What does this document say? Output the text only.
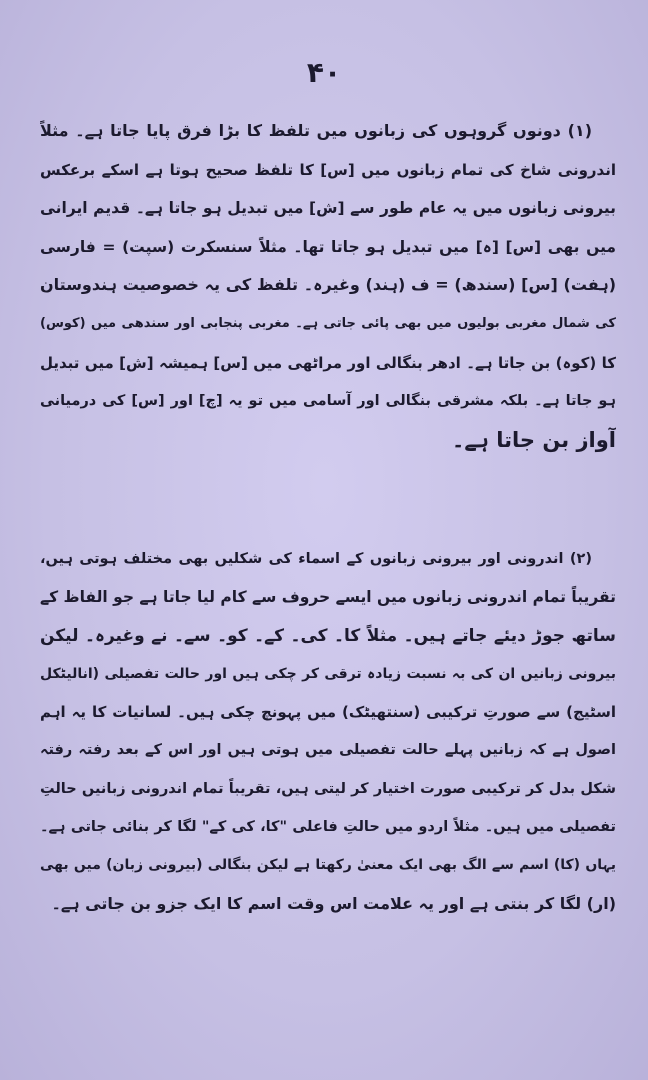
۴۰
(۱) دونوں گروہوں کی زبانوں میں تلفظ کا بڑا فرق پایا جاتا ہے۔ مثلاً
اندرونی شاخ کی تمام زبانوں میں [س] کا تلفظ صحیح ہوتا ہے اسکے برعکس
بیرونی زبانوں میں یہ عام طور سے [ش] میں تبدیل ہو جاتا ہے۔ قدیم ایرانی
میں بھی [س] [ہ] میں تبدیل ہو جاتا تھا۔ مثلاً سنسکرت (سپت) = فارسی
(ہفت) [س] (سندھ) = ف (ہند) وغیرہ۔ تلفظ کی یہ خصوصیت ہندوستان
کی شمال مغربی بولیوں میں بھی پائی جاتی ہے۔ مغربی پنجابی اور سندھی میں (کوس)
کا (کوہ) بن جاتا ہے۔ ادھر بنگالی اور مراٹھی میں [س] ہمیشہ [ش] میں تبدیل
ہو جاتا ہے۔ بلکہ مشرقی بنگالی اور آسامی میں تو یہ [چ] اور [س] کی درمیانی
آواز بن جاتا ہے۔
(۲) اندرونی اور بیرونی زبانوں کے اسماء کی شکلیں بھی مختلف ہوتی ہیں،
تقریباً تمام اندرونی زبانوں میں ایسے حروف سے کام لیا جاتا ہے جو الفاظ کے
ساتھ جوڑ دیئے جاتے ہیں۔ مثلاً کا۔ کی۔ کے۔ کو۔ سے۔ نے وغیرہ۔ لیکن
بیرونی زبانیں ان کی بہ نسبت زیادہ ترقی کر چکی ہیں اور حالت تفصیلی (اناليٹکل
اسٹیج) سے صورتِ ترکیبی (سنتھیٹک) میں پہونچ چکی ہیں۔ لسانیات کا یہ اہم
اصول ہے کہ زبانیں پہلے حالت تفصیلی میں ہوتی ہیں اور اس کے بعد رفتہ رفتہ
شکل بدل کر ترکیبی صورت اختیار کر لیتی ہیں، تقریباً تمام اندرونی زبانیں حالتِ
تفصیلی میں ہیں۔ مثلاً اردو میں حالتِ فاعلی "کا، کی کے" لگا کر بنائی جاتی ہے۔
یہاں (کا) اسم سے الگ بھی ایک معنیٰ رکھتا ہے لیکن بنگالی (بیرونی زبان) میں بھی
(ار) لگا کر بنتی ہے اور یہ علامت اس وقت اسم کا ایک جزو بن جاتی ہے۔
